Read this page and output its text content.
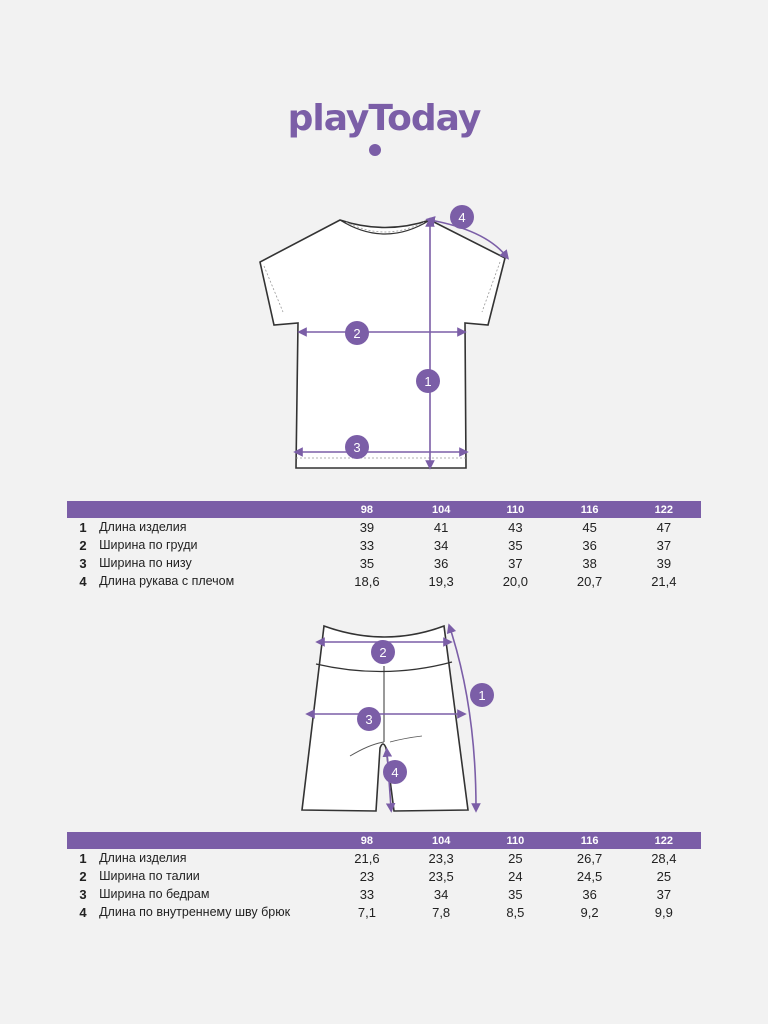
playToday
4
2
1
3
		98	104	110	116	122
1	Длина изделия	39	41	43	45	47
2	Ширина по груди	33	34	35	36	37
3	Ширина по низу	35	36	37	38	39
4	Длина рукава с плечом	18,6	19,3	20,0	20,7	21,4
2
1
3
4
		98	104	110	116	122
1	Длина изделия	21,6	23,3	25	26,7	28,4
2	Ширина по талии	23	23,5	24	24,5	25
3	Ширина по бедрам	33	34	35	36	37
4	Длина по внутреннему шву брюк	7,1	7,8	8,5	9,2	9,9
